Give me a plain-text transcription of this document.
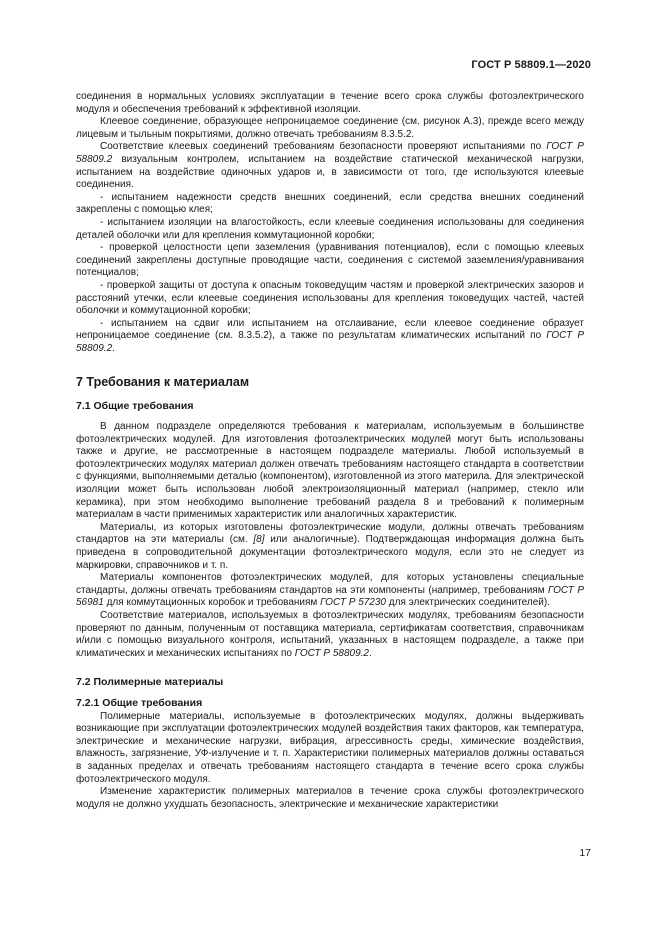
ГОСТ Р 58809.1—2020

соединения в нормальных условиях эксплуатации в течение всего срока службы фотоэлектрического модуля и обеспечения требований к эффективной изоляции.

Клеевое соединение, образующее непроницаемое соединение (см. рисунок А.3), прежде всего между лицевым и тыльным покрытиями, должно отвечать требованиям 8.3.5.2.

Соответствие клеевых соединений требованиям безопасности проверяют испытаниями по ГОСТ Р 58809.2 визуальным контролем, испытанием на воздействие статической механической нагрузки, испытанием на воздействие одиночных ударов и, в зависимости от того, где используются клеевые соединения.

- испытанием надежности средств внешних соединений, если средства внешних соединений закреплены с помощью клея;

- испытанием изоляции на влагостойкость, если клеевые соединения использованы для соединения деталей оболочки или для крепления коммутационной коробки;

- проверкой целостности цепи заземления (уравнивания потенциалов), если с помощью клеевых соединений закреплены доступные проводящие части, соединения с системой заземления/уравнивания потенциалов;

- проверкой защиты от доступа к опасным токоведущим частям и проверкой электрических зазоров и расстояний утечки, если клеевые соединения использованы для крепления токоведущих частей, частей оболочки и коммутационной коробки;

- испытанием на сдвиг или испытанием на отслаивание, если клеевое соединение образует непроницаемое соединение (см. 8.3.5.2), а также по результатам климатических испытаний по ГОСТ Р 58809.2.

7 Требования к материалам
7.1 Общие требования

В данном подразделе определяются требования к материалам, используемым в большинстве фотоэлектрических модулей. Для изготовления фотоэлектрических модулей могут быть использованы также и другие, не рассмотренные в настоящем подразделе материалы. Любой используемый в фотоэлектрических модулях материал должен отвечать требованиям настоящего стандарта в соответствии с функциями, выполняемыми деталью (компонентом), изготовленной из этого материла. Для электрической изоляции может быть использован любой электроизоляционный материал (например, стекло или керамика), при этом необходимо выполнение требований раздела 8 и требований к полимерным материалам в части применимых характеристик или аналогичных характеристик.

Материалы, из которых изготовлены фотоэлектрические модули, должны отвечать требованиям стандартов на эти материалы (см. [8] или аналогичные). Подтверждающая информация должна быть приведена в сопроводительной документации фотоэлектрического модуля, если это не следует из маркировки, справочников и т. п.

Материалы компонентов фотоэлектрических модулей, для которых установлены специальные стандарты, должны отвечать требованиям стандартов на эти компоненты (например, требованиям ГОСТ Р 56981 для коммутационных коробок и требованиям ГОСТ Р 57230 для электрических соединителей).

Соответствие материалов, используемых в фотоэлектрических модулях, требованиям безопасности проверяют по данным, полученным от поставщика материала, сертификатам соответствия, справочникам и/или с помощью визуального контроля, испытаний, указанных в настоящем подразделе, а также при климатических и механических испытаниях по ГОСТ Р 58809.2.

7.2 Полимерные материалы
7.2.1 Общие требования

Полимерные материалы, используемые в фотоэлектрических модулях, должны выдерживать возникающие при эксплуатации фотоэлектрических модулей воздействия таких факторов, как температура, электрические и механические нагрузки, вибрация, агрессивность среды, химические воздействия, влажность, загрязнение, УФ-излучение и т. п. Характеристики полимерных материалов должны оставаться в заданных пределах и отвечать требованиям настоящего стандарта в течение всего срока службы фотоэлектрического модуля.

Изменение характеристик полимерных материалов в течение срока службы фотоэлектрического модуля не должно ухудшать безопасность, электрические и механические характеристики

17
